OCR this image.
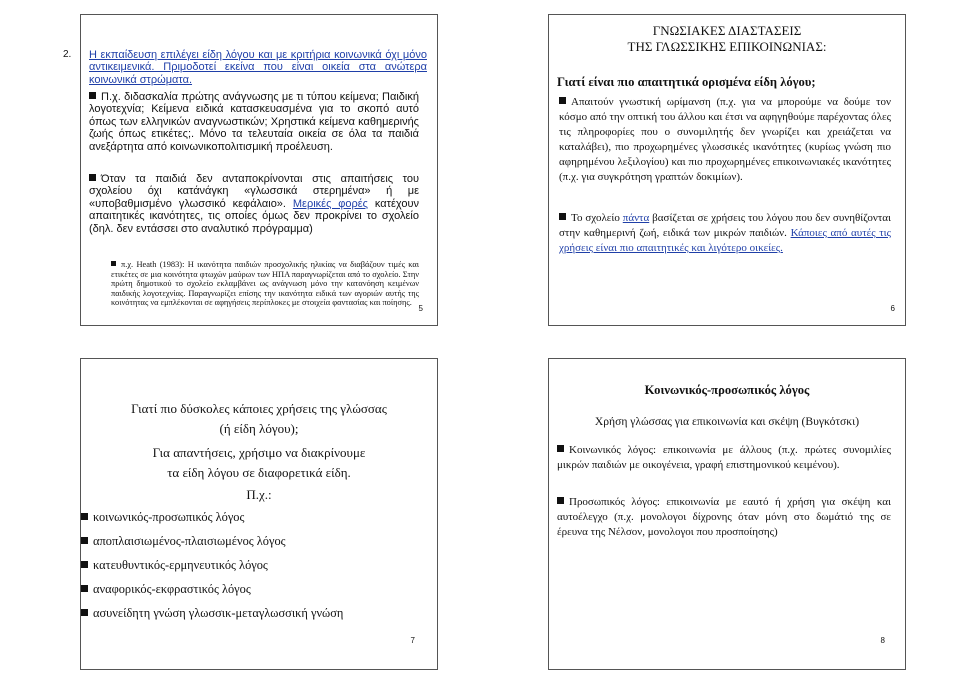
2. Η εκπαίδευση επιλέγει είδη λόγου και με κριτήρια κοινωνικά όχι μόνο αντικειμενικά. Πριμοδοτεί εκείνα που είναι οικεία στα ανώτερα κοινωνικά στρώματα.
Π.χ. διδασκαλία πρώτης ανάγνωσης με τι τύπου κείμενα; Παιδική λογοτεχνία; Κείμενα ειδικά κατασκευασμένα για το σκοπό αυτό όπως των ελληνικών αναγνωστικών; Χρηστικά κείμενα καθημερινής ζωής όπως ετικέτες;. Μόνο τα τελευταία οικεία σε όλα τα παιδιά ανεξάρτητα από κοινωνικοπολιτισμική προέλευση.
Όταν τα παιδιά δεν ανταποκρίνονται στις απαιτήσεις του σχολείου όχι κατάνάγκη «γλωσσικά στερημένα» ή με «υποβαθμισμένο γλωσσικό κεφάλαιο». Μερικές φορές κατέχουν απαιτητικές ικανότητες, τις οποίες όμως δεν προκρίνει το σχολείο (δηλ. δεν εντάσσει στο αναλυτικό πρόγραμμα)
π.χ. Heath (1983): Η ικανότητα παιδιών προσχολικής ηλικίας να διαβάζουν τιμές και ετικέτες σε μια κοινότητα φτωχών μαύρων των ΗΠΑ παραγνωρίζεται από το σχολείο. Στην πρώτη δημοτικού το σχολείο εκλαμβάνει ως ανάγνωση μόνο την κατανόηση κειμένων παιδικής λογοτεχνίας. Παραγνωρίζει επίσης την ικανότητα ειδικά των αγοριών αυτής της κοινότητας να εμπλέκονται σε αφηγήσεις περίπλοκες με στοιχεία φαντασίας και ποίησης.
5
ΓΝΩΣΙΑΚΕΣ ΔΙΑΣΤΑΣΕΙΣ
ΤΗΣ ΓΛΩΣΣΙΚΗΣ ΕΠΙΚΟΙΝΩΝΙΑΣ:
Γιατί είναι πιο απαιτητικά ορισμένα είδη λόγου;
Απαιτούν γνωστική ωρίμανση (π.χ. για να μπορούμε να δούμε τον κόσμο από την οπτική του άλλου και έτσι να αφηγηθούμε παρέχοντας όλες τις πληροφορίες που ο συνομιλητής δεν γνωρίζει και χρειάζεται να καταλάβει), πιο προχωρημένες γλωσσικές ικανότητες (κυρίως γνώση πιο αφηρημένου λεξιλογίου) και πιο προχωρημένες επικοινωνιακές ικανότητες (π.χ. για συγκρότηση γραπτών δοκιμίων).
Το σχολείο πάντα βασίζεται σε χρήσεις του λόγου που δεν συνηθίζονται στην καθημερινή ζωή, ειδικά των μικρών παιδιών. Κάποιες από αυτές τις χρήσεις είναι πιο απαιτητικές και λιγότερο οικείες.
6
Γιατί πιο δύσκολες κάποιες χρήσεις της γλώσσας
(ή είδη λόγου);
Για απαντήσεις, χρήσιμο να διακρίνουμε
τα είδη λόγου σε διαφορετικά είδη.
Π.χ.:
κοινωνικός-προσωπικός λόγος
αποπλαισιωμένος-πλαισιωμένος λόγος
κατευθυντικός-ερμηνευτικός λόγος
αναφορικός-εκφραστικός λόγος
ασυνείδητη γνώση γλωσσικ-μεταγλωσσική γνώση
7
Κοινωνικός-προσωπικός λόγος
Χρήση γλώσσας για επικοινωνία και σκέψη (Βυγκότσκι)
Κοινωνικός λόγος: επικοινωνία με άλλους (π.χ. πρώτες συνομιλίες μικρών παιδιών με οικογένεια, γραφή επιστημονικού κειμένου).
Προσωπικός λόγος: επικοινωνία με εαυτό ή χρήση για σκέψη και αυτοέλεγχο (π.χ. μονολογοι δίχρονης όταν μόνη στο δωμάτιό της σε έρευνα της Νέλσον, μονολογοι που προσποίησης)
8
